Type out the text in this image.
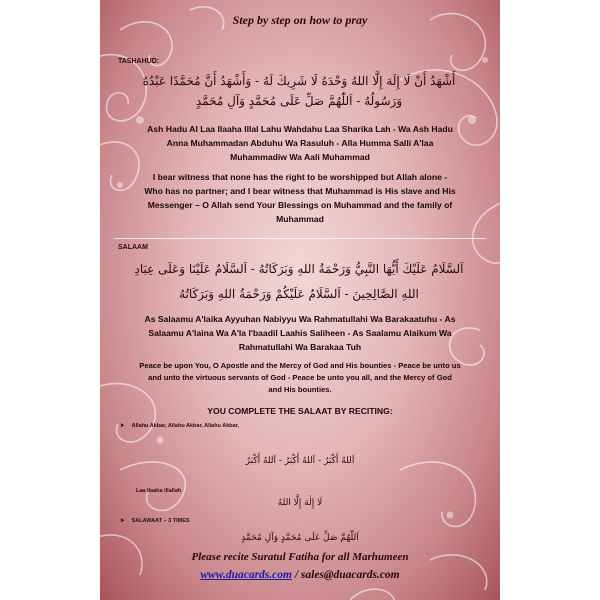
Step by step on how to pray
TASHAHUD:
أَشْهَدُ أَنْ لَا إِلَهَ إِلَّا اللهُ وَحْدَهُ لَا شَرِيكَ لَهُ - وَأَشْهَدُ أَنَّ مُحَمَّدًا عَبْدُهُ
وَرَسُولُهُ - اَللّٰهُمَّ صَلِّ عَلَى مُحَمَّدٍ وَآلِ مُحَمَّدٍ
Ash Hadu Al Laa Ilaaha Illal Lahu Wahdahu Laa Sharika Lah - Wa Ash Hadu
Anna Muhammadan Abduhu Wa Rasuluh - Alla Humma Salli A'laa
Muhammadiw Wa Aali Muhammad
I bear witness that none has the right to be worshipped but Allah alone -
Who has no partner; and I bear witness that Muhammad is His slave and His
Messenger – O Allah send Your Blessings on Muhammad and the family of
Muhammad
SALAAM
اَلسَّلَامُ عَلَيْكَ أَيُّهَا النَّبِيُّ وَرَحْمَةُ اللهِ وَبَرَكَاتُهُ - اَلسَّلَامُ عَلَيْنَا وَعَلَى عِبَادِ
اللهِ الصَّالِحِينَ - اَلسَّلَامُ عَلَيْكُمْ وَرَحْمَةُ اللهِ وَبَرَكَاتُهُ
As Salaamu A'laika Ayyuhan Nabiyyu Wa Rahmatullahi Wa Barakaatuhu - As
Salaamu A'laina Wa A'la I'baadil Laahis Saliheen - As Saalamu Alaikum Wa
Rahmatullahi Wa Barakaa Tuh
Peace be upon You, O Apostle and the Mercy of God and His bounties - Peace be unto us
and unto the virtuous servants of God - Peace be unto you all, and the Mercy of God
and His bounties.
YOU COMPLETE THE SALAAT BY RECITING:
➤ Allahu Akbar, Allahu Akbar, Allahu Akbar,
اَللهُ أَكْبَرُ - اَللهُ أَكْبَرُ - اَللهُ أَكْبَرُ
Laa ilaaha illallah
لَا إِلٰهَ إِلَّا اللهُ
➤ SALAWAAT – 3 TIMES
اَللّٰهُمَّ صَلِّ عَلَى مُحَمَّدٍ وَآلِ مُحَمَّدٍ
Please recite Suratul Fatiha for all Marhumeen
www.duacards.com / sales@duacards.com
